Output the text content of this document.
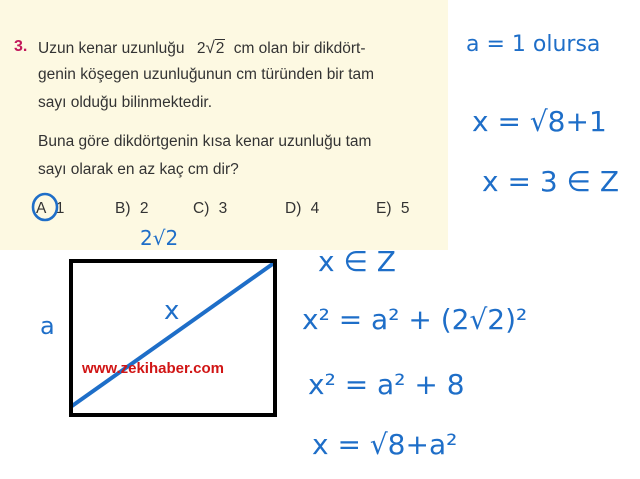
3. Uzun kenar uzunluğu 2√2 cm olan bir dikdört-
genin köşegen uzunluğunun cm türünden bir tam
sayı olduğu bilinmektedir.
Buna göre dikdörtgenin kısa kenar uzunluğu tam
sayı olarak en az kaç cm dir?
A 1	B) 2	C) 3	D) 4	E) 5
www.zekihaber.com
2√2
a	x
a = 1 olursa
x = √8+1
x = 3 ∈ Z
x ∈ Z
x² = a² + (2√2)²
x² = a² + 8
x = √8+a²
